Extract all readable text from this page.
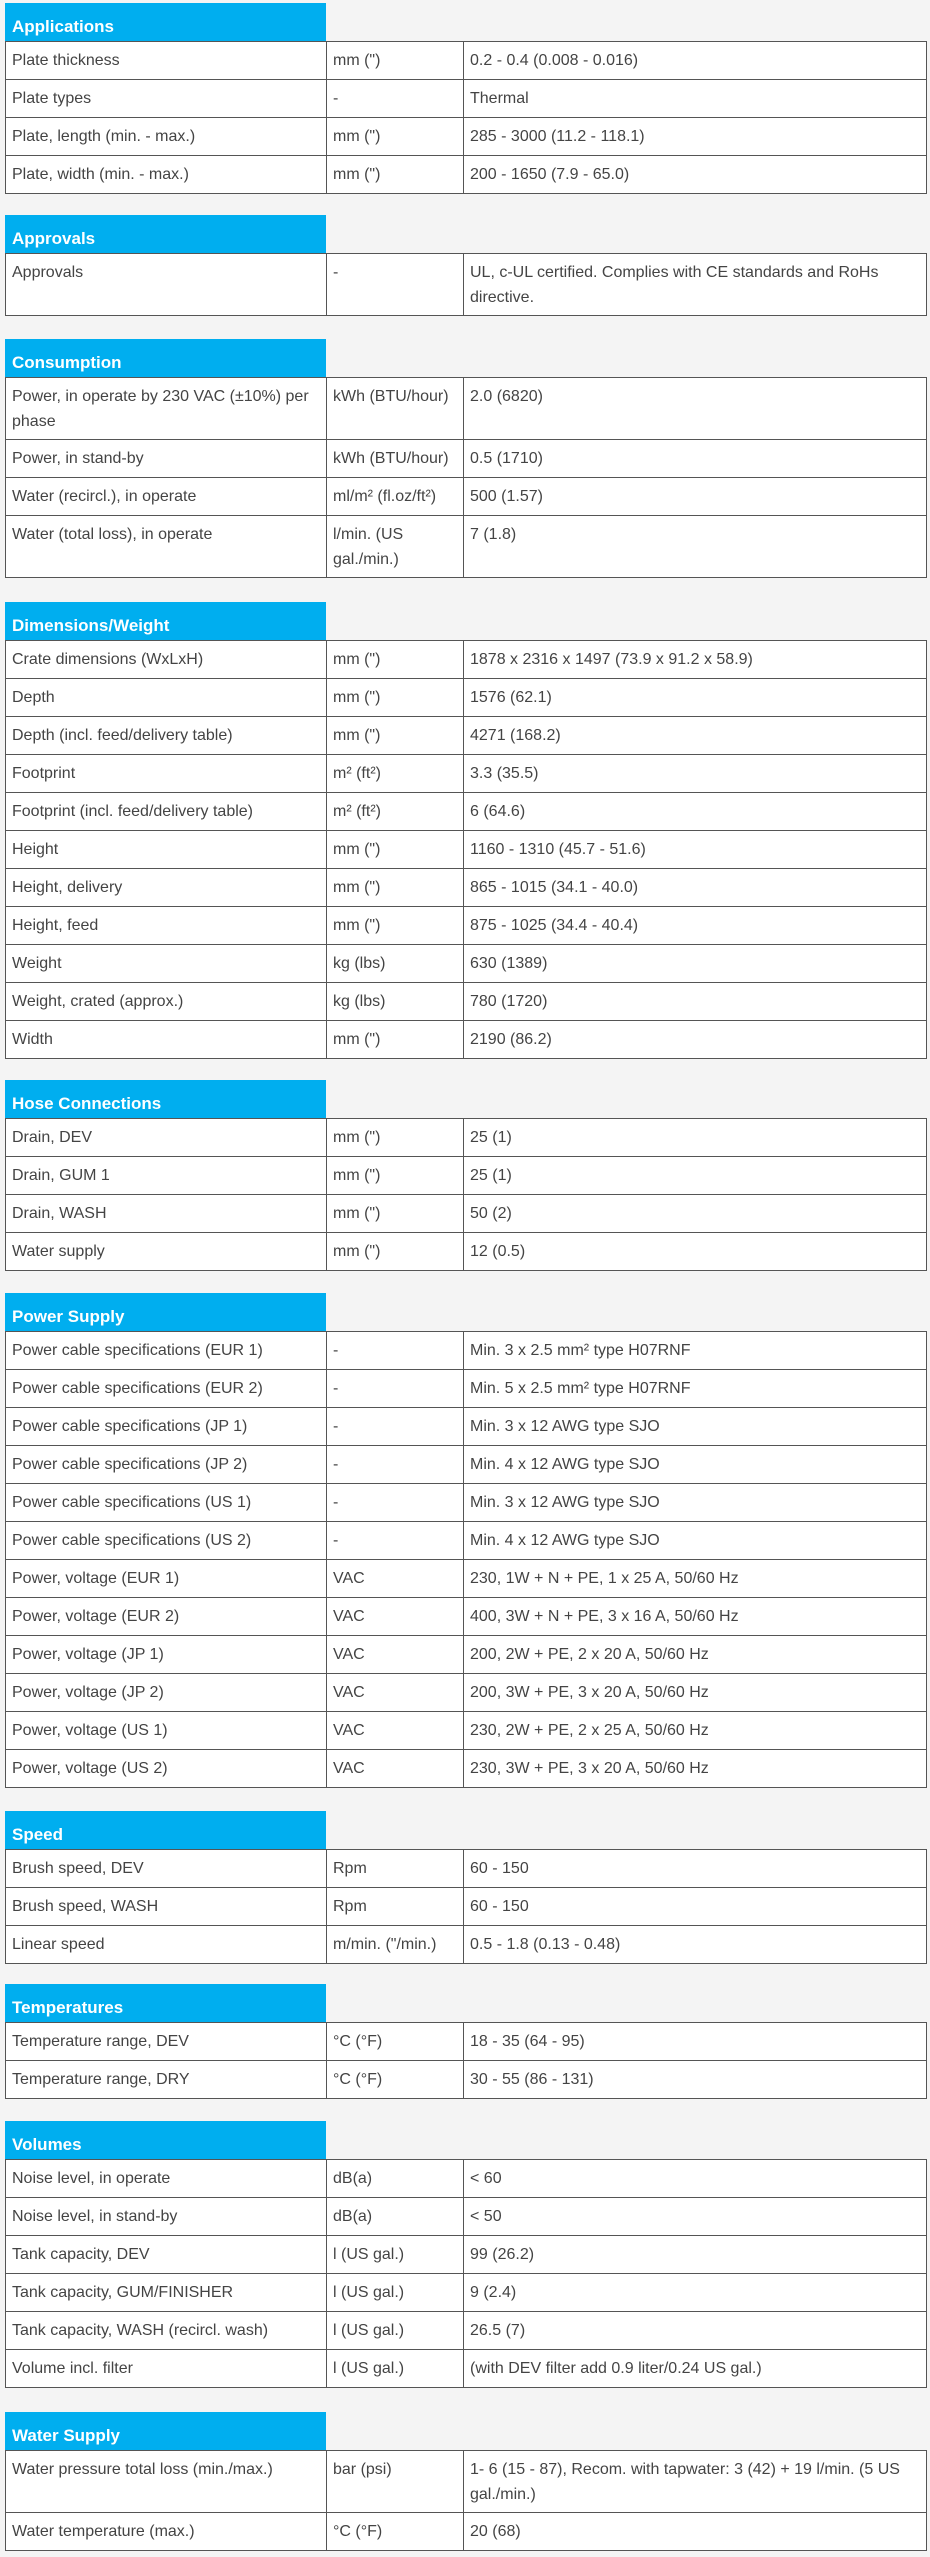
Applications
Plate thickness	mm (")	0.2 - 0.4 (0.008 - 0.016)
Plate types	-	Thermal
Plate, length (min. - max.)	mm (")	285 - 3000 (11.2 - 118.1)
Plate, width (min. - max.)	mm (")	200 - 1650 (7.9 - 65.0)
Approvals
Approvals	-	UL, c-UL certified. Complies with CE standards and RoHs directive.
Consumption
Power, in operate by 230 VAC (±10%) per phase	kWh (BTU/hour)	2.0 (6820)
Power, in stand-by	kWh (BTU/hour)	0.5 (1710)
Water (recircl.), in operate	ml/m² (fl.oz/ft²)	500 (1.57)
Water (total loss), in operate	l/min. (US gal./min.)	7 (1.8)
Dimensions/Weight
Crate dimensions (WxLxH)	mm (")	1878 x 2316 x 1497 (73.9 x 91.2 x 58.9)
Depth	mm (")	1576 (62.1)
Depth (incl. feed/delivery table)	mm (")	4271 (168.2)
Footprint	m² (ft²)	3.3 (35.5)
Footprint (incl. feed/delivery table)	m² (ft²)	6 (64.6)
Height	mm (")	1160 - 1310 (45.7 - 51.6)
Height, delivery	mm (")	865 - 1015 (34.1 - 40.0)
Height, feed	mm (")	875 - 1025 (34.4 - 40.4)
Weight	kg (lbs)	630 (1389)
Weight, crated (approx.)	kg (lbs)	780 (1720)
Width	mm (")	2190 (86.2)
Hose Connections
Drain, DEV	mm (")	25 (1)
Drain, GUM 1	mm (")	25 (1)
Drain, WASH	mm (")	50 (2)
Water supply	mm (")	12 (0.5)
Power Supply
Power cable specifications (EUR 1)	-	Min. 3 x 2.5 mm² type H07RNF
Power cable specifications (EUR 2)	-	Min. 5 x 2.5 mm² type H07RNF
Power cable specifications (JP 1)	-	Min. 3 x 12 AWG type SJO
Power cable specifications (JP 2)	-	Min. 4 x 12 AWG type SJO
Power cable specifications (US 1)	-	Min. 3 x 12 AWG type SJO
Power cable specifications (US 2)	-	Min. 4 x 12 AWG type SJO
Power, voltage (EUR 1)	VAC	230, 1W + N + PE, 1 x 25 A, 50/60 Hz
Power, voltage (EUR 2)	VAC	400, 3W + N + PE, 3 x 16 A, 50/60 Hz
Power, voltage (JP 1)	VAC	200, 2W + PE, 2 x 20 A, 50/60 Hz
Power, voltage (JP 2)	VAC	200, 3W + PE, 3 x 20 A, 50/60 Hz
Power, voltage (US 1)	VAC	230, 2W + PE, 2 x 25 A, 50/60 Hz
Power, voltage (US 2)	VAC	230, 3W + PE, 3 x 20 A, 50/60 Hz
Speed
Brush speed, DEV	Rpm	60 - 150
Brush speed, WASH	Rpm	60 - 150
Linear speed	m/min. ("/min.)	0.5 - 1.8 (0.13 - 0.48)
Temperatures
Temperature range, DEV	°C (°F)	18 - 35 (64 - 95)
Temperature range, DRY	°C (°F)	30 - 55 (86 - 131)
Volumes
Noise level, in operate	dB(a)	< 60
Noise level, in stand-by	dB(a)	< 50
Tank capacity, DEV	l (US gal.)	99 (26.2)
Tank capacity, GUM/FINISHER	l (US gal.)	9 (2.4)
Tank capacity, WASH (recircl. wash)	l (US gal.)	26.5 (7)
Volume incl. filter	l (US gal.)	(with DEV filter add 0.9 liter/0.24 US gal.)
Water Supply
Water pressure total loss (min./max.)	bar (psi)	1- 6 (15 - 87), Recom. with tapwater: 3 (42) + 19 l/min. (5 US gal./min.)
Water temperature (max.)	°C (°F)	20 (68)
